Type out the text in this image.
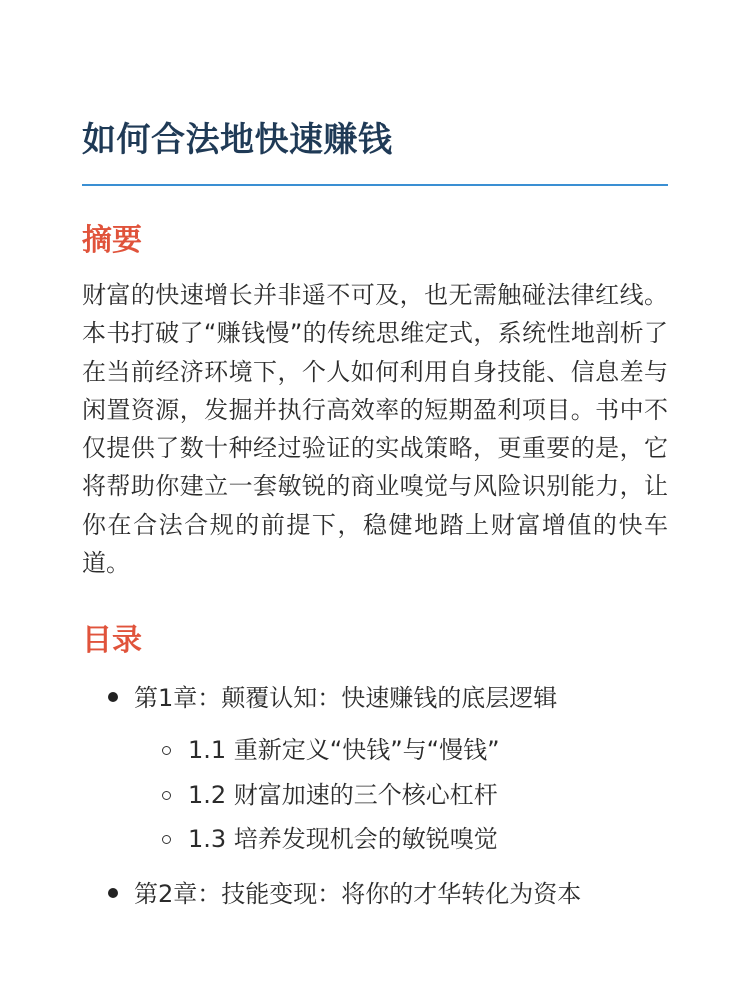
如何合法地快速赚钱
摘要

财富的快速增长并非遥不可及，也无需触碰法律红线。本书打破了“赚钱慢”的传统思维定式，系统性地剖析了在当前经济环境下，个人如何利用自身技能、信息差与闲置资源，发掘并执行高效率的短期盈利项目。书中不仅提供了数十种经过验证的实战策略，更重要的是，它将帮助你建立一套敏锐的商业嗅觉与风险识别能力，让你在合法合规的前提下，稳健地踏上财富增值的快车道。

目录
第1章：颠覆认知：快速赚钱的底层逻辑
1.1 重新定义“快钱”与“慢钱”
1.2 财富加速的三个核心杠杆
1.3 培养发现机会的敏锐嗅觉
第2章：技能变现：将你的才华转化为资本
